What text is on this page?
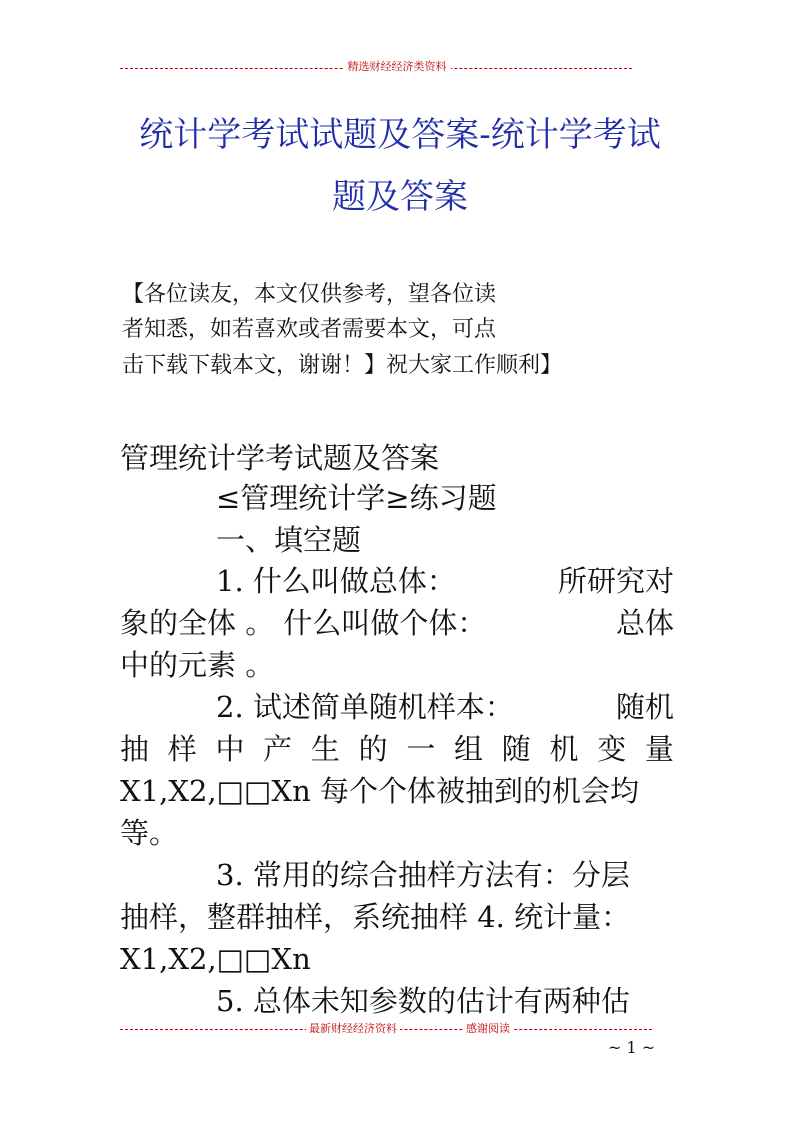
精选财经经济类资料
统计学考试试题及答案-统计学考试
题及答案
【各位读友，本文仅供参考，望各位读
者知悉，如若喜欢或者需要本文，可点
击下载下载本文，谢谢！】祝大家工作顺利】
管理统计学考试题及答案
≤管理统计学≥练习题
一、填空题
1. 什么叫做总体：	所研究对
象的全体 。 什么叫做个体：	总体
中的元素 。
2. 试述简单随机样本：	随机
抽 样 中 产 生 的 一 组 随 机 变 量
X1,X2,□□Xn 每个个体被抽到的机会均
等。
3. 常用的综合抽样方法有：分层
抽样，整群抽样，系统抽样 4. 统计量：
X1,X2,□□Xn
5. 总体未知参数的估计有两种估
最新财经经济资料	感谢阅读
~ 1 ~
